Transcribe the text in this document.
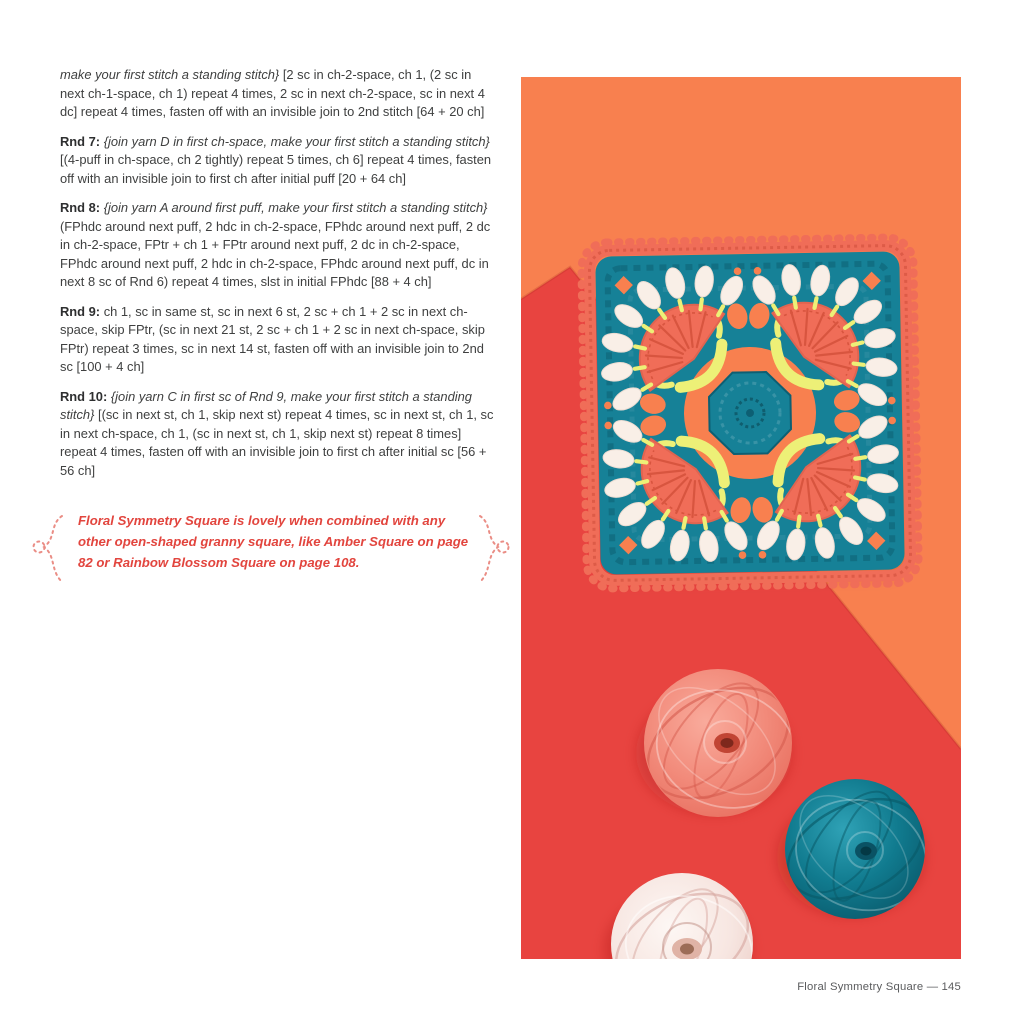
make your first stitch a standing stitch} [2 sc in ch-2-space, ch 1, (2 sc in next ch-1-space, ch 1) repeat 4 times, 2 sc in next ch-2-space, sc in next 4 dc] repeat 4 times, fasten off with an invisible join to 2nd stitch [64 + 20 ch]

Rnd 7: {join yarn D in first ch-space, make your first stitch a standing stitch} [(4-puff in ch-space, ch 2 tightly) repeat 5 times, ch 6] repeat 4 times, fasten off with an invisible join to first ch after initial puff [20 + 64 ch]

Rnd 8: {join yarn A around first puff, make your first stitch a standing stitch} (FPhdc around next puff, 2 hdc in ch-2-space, FPhdc around next puff, 2 dc in ch-2-space, FPtr + ch 1 + FPtr around next puff, 2 dc in ch-2-space, FPhdc around next puff, 2 hdc in ch-2-space, FPhdc around next puff, dc in next 8 sc of Rnd 6) repeat 4 times, slst in initial FPhdc [88 + 4 ch]

Rnd 9: ch 1, sc in same st, sc in next 6 st, 2 sc + ch 1 + 2 sc in next ch-space, skip FPtr, (sc in next 21 st, 2 sc + ch 1 + 2 sc in next ch-space, skip FPtr) repeat 3 times, sc in next 14 st, fasten off with an invisible join to 2nd sc [100 + 4 ch]

Rnd 10: {join yarn C in first sc of Rnd 9, make your first stitch a standing stitch} [(sc in next st, ch 1, skip next st) repeat 4 times, sc in next st, ch 1, sc in next ch-space, ch 1, (sc in next st, ch 1, skip next st) repeat 8 times] repeat 4 times, fasten off with an invisible join to first ch after initial sc [56 + 56 ch]

Floral Symmetry Square is lovely when combined with any other open-shaped granny square, like Amber Square on page 82 or Rainbow Blossom Square on page 108.
Floral Symmetry Square — 145
